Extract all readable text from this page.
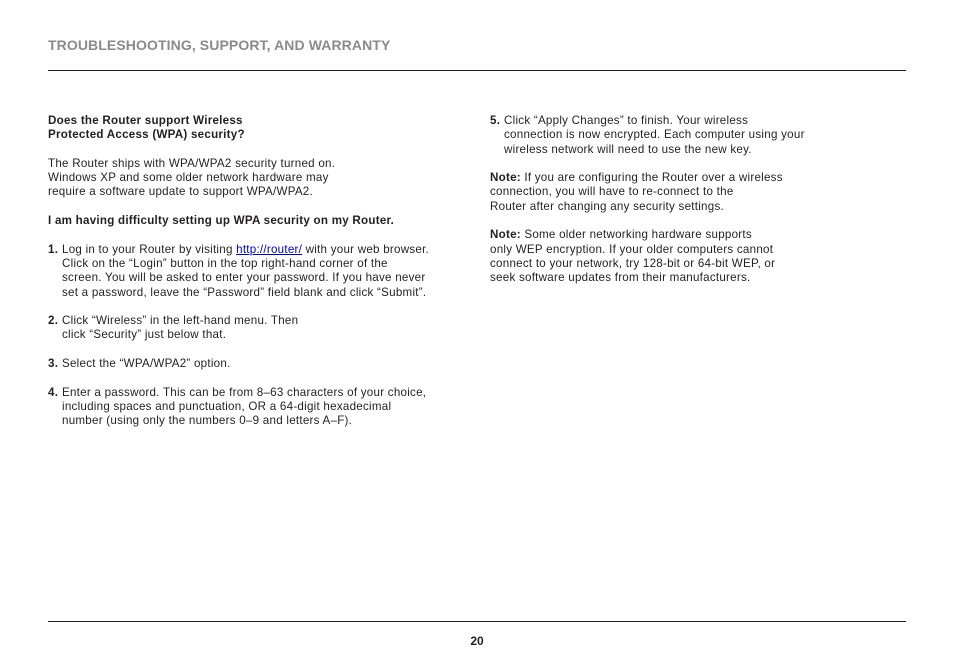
TROUBLESHOOTING, SUPPORT, AND WARRANTY
Does the Router support Wireless
Protected Access (WPA) security?
The Router ships with WPA/WPA2 security turned on.
Windows XP and some older network hardware may
require a software update to support WPA/WPA2.
I am having difficulty setting up WPA security on my Router.
1. Log in to your Router by visiting http://router/ with your web browser.
Click on the “Login” button in the top right-hand corner of the
screen. You will be asked to enter your password. If you have never
set a password, leave the “Password” field blank and click “Submit”.
2. Click “Wireless” in the left-hand menu. Then
click “Security” just below that.
3. Select the “WPA/WPA2” option.
4. Enter a password. This can be from 8–63 characters of your choice,
including spaces and punctuation, OR a 64-digit hexadecimal
number (using only the numbers 0–9 and letters A–F).
5. Click “Apply Changes” to finish. Your wireless
connection is now encrypted. Each computer using your
wireless network will need to use the new key.
Note: If you are configuring the Router over a wireless
connection, you will have to re-connect to the
Router after changing any security settings.
Note: Some older networking hardware supports
only WEP encryption. If your older computers cannot
connect to your network, try 128-bit or 64-bit WEP, or
seek software updates from their manufacturers.
20
